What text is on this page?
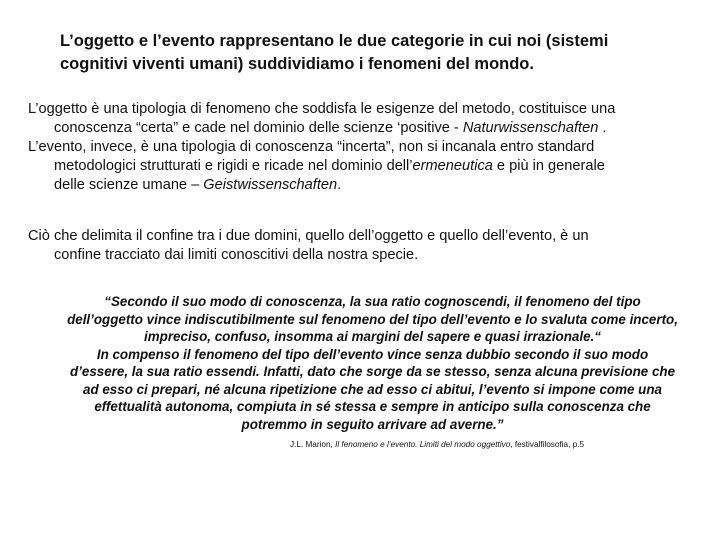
L’oggetto e l’evento rappresentano le due categorie in cui noi (sistemi
cognitivi viventi umani) suddividiamo i fenomeni del mondo.

L’oggetto è una tipologia di fenomeno che soddisfa le esigenze del metodo, costituisce una
conoscenza “certa” e cade nel dominio delle scienze ‘positive - Naturwissenschaften .

L’evento, invece, è una tipologia di conoscenza “incerta”, non si incanala entro standard
metodologici strutturati e rigidi e ricade nel dominio dell’ermeneutica e più in generale
delle scienze umane – Geistwissenschaften.

Ciò che delimita il confine tra i due domini, quello dell’oggetto e quello dell’evento, è un
confine tracciato dai limiti conoscitivi della nostra specie.

“Secondo il suo modo di conoscenza, la sua ratio cognoscendi, il fenomeno del tipo
dell’oggetto vince indiscutibilmente sul fenomeno del tipo dell’evento e lo svaluta come incerto,
impreciso, confuso, insomma ai margini del sapere e quasi irrazionale.“
In compenso il fenomeno del tipo dell’evento vince senza dubbio secondo il suo modo
d’essere, la sua ratio essendi. Infatti, dato che sorge da se stesso, senza alcuna previsione che
ad esso ci prepari, né alcuna ripetizione che ad esso ci abitui, l’evento si impone come una
effettualità autonoma, compiuta in sé stessa e sempre in anticipo sulla conoscenza che
potremmo in seguito arrivare ad averne.”
J.L. Marion, Il fenomeno e l’evento. Limiti del modo oggettivo, festivalfilosofia, p.5
